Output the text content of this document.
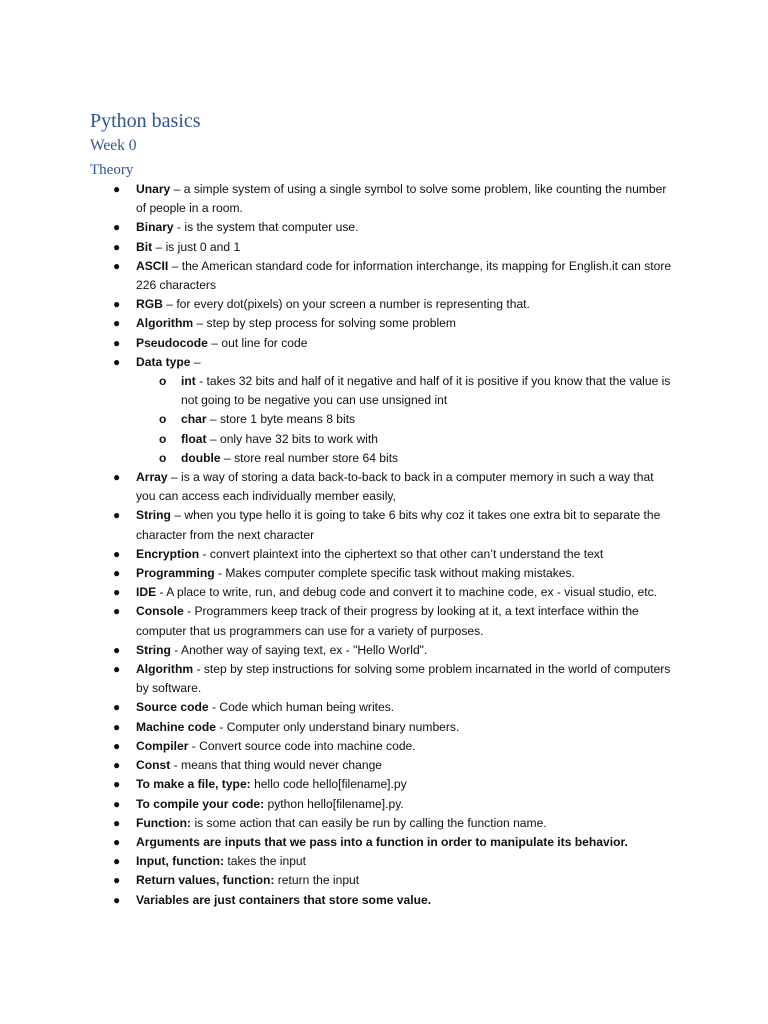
Python basics
Week 0
Theory
● Unary – a simple system of using a single symbol to solve some problem, like counting the number of people in a room.
● Binary - is the system that computer use.
● Bit – is just 0 and 1
● ASCII – the American standard code for information interchange, its mapping for English.it can store 226 characters
● RGB – for every dot(pixels) on your screen a number is representing that.
● Algorithm – step by step process for solving some problem
● Pseudocode – out line for code
● Data type –
o int - takes 32 bits and half of it negative and half of it is positive if you know that the value is not going to be negative you can use unsigned int
o char – store 1 byte means 8 bits
o float – only have 32 bits to work with
o double – store real number store 64 bits
● Array – is a way of storing a data back-to-back to back in a computer memory in such a way that you can access each individually member easily,
● String – when you type hello it is going to take 6 bits why coz it takes one extra bit to separate the character from the next character
● Encryption - convert plaintext into the ciphertext so that other can’t understand the text
● Programming - Makes computer complete specific task without making mistakes.
● IDE - A place to write, run, and debug code and convert it to machine code, ex - visual studio, etc.
● Console - Programmers keep track of their progress by looking at it, a text interface within the computer that us programmers can use for a variety of purposes.
● String - Another way of saying text, ex - "Hello World".
● Algorithm - step by step instructions for solving some problem incarnated in the world of computers by software.
● Source code - Code which human being writes.
● Machine code - Computer only understand binary numbers.
● Compiler - Convert source code into machine code.
● Const - means that thing would never change
● To make a file, type: hello code hello[filename].py
● To compile your code: python hello[filename].py.
● Function: is some action that can easily be run by calling the function name.
● Arguments are inputs that we pass into a function in order to manipulate its behavior.
● Input, function: takes the input
● Return values, function: return the input
● Variables are just containers that store some value.
